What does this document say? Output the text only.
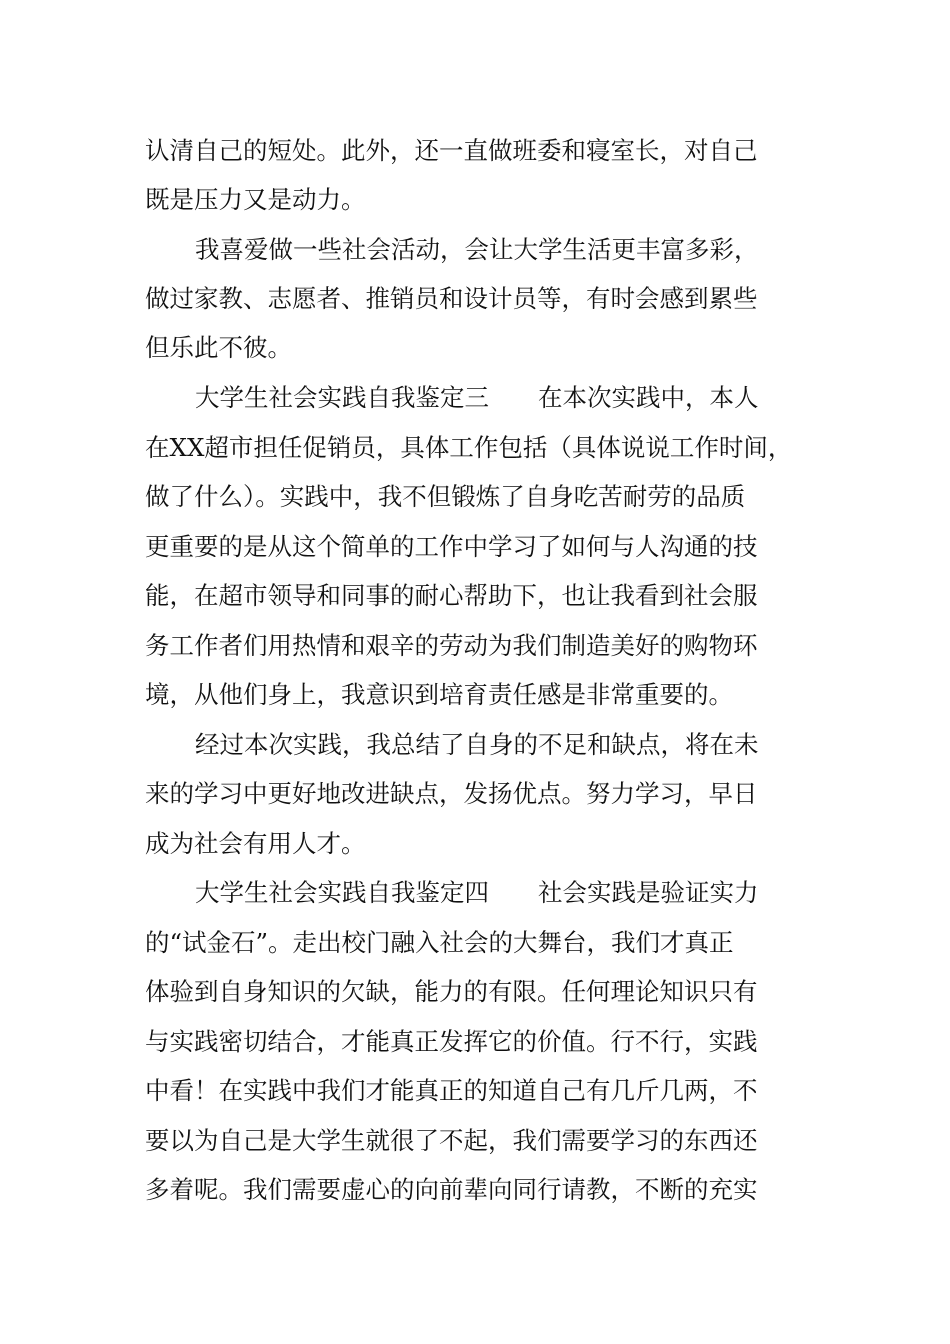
认清自己的短处。此外，还一直做班委和寝室长，对自己
既是压力又是动力。
我喜爱做一些社会活动，会让大学生活更丰富多彩，
做过家教、志愿者、推销员和设计员等，有时会感到累些
但乐此不彼。
大学生社会实践自我鉴定三　　在本次实践中，本人
在XX超市担任促销员，具体工作包括（具体说说工作时间，
做了什么）。实践中，我不但锻炼了自身吃苦耐劳的品质
更重要的是从这个简单的工作中学习了如何与人沟通的技
能，在超市领导和同事的耐心帮助下，也让我看到社会服
务工作者们用热情和艰辛的劳动为我们制造美好的购物环
境，从他们身上，我意识到培育责任感是非常重要的。
经过本次实践，我总结了自身的不足和缺点，将在未
来的学习中更好地改进缺点，发扬优点。努力学习，早日
成为社会有用人才。
大学生社会实践自我鉴定四　　社会实践是验证实力
的“试金石”。走出校门融入社会的大舞台，我们才真正
体验到自身知识的欠缺，能力的有限。任何理论知识只有
与实践密切结合，才能真正发挥它的价值。行不行，实践
中看！在实践中我们才能真正的知道自己有几斤几两，不
要以为自己是大学生就很了不起，我们需要学习的东西还
多着呢。我们需要虚心的向前辈向同行请教，不断的充实
